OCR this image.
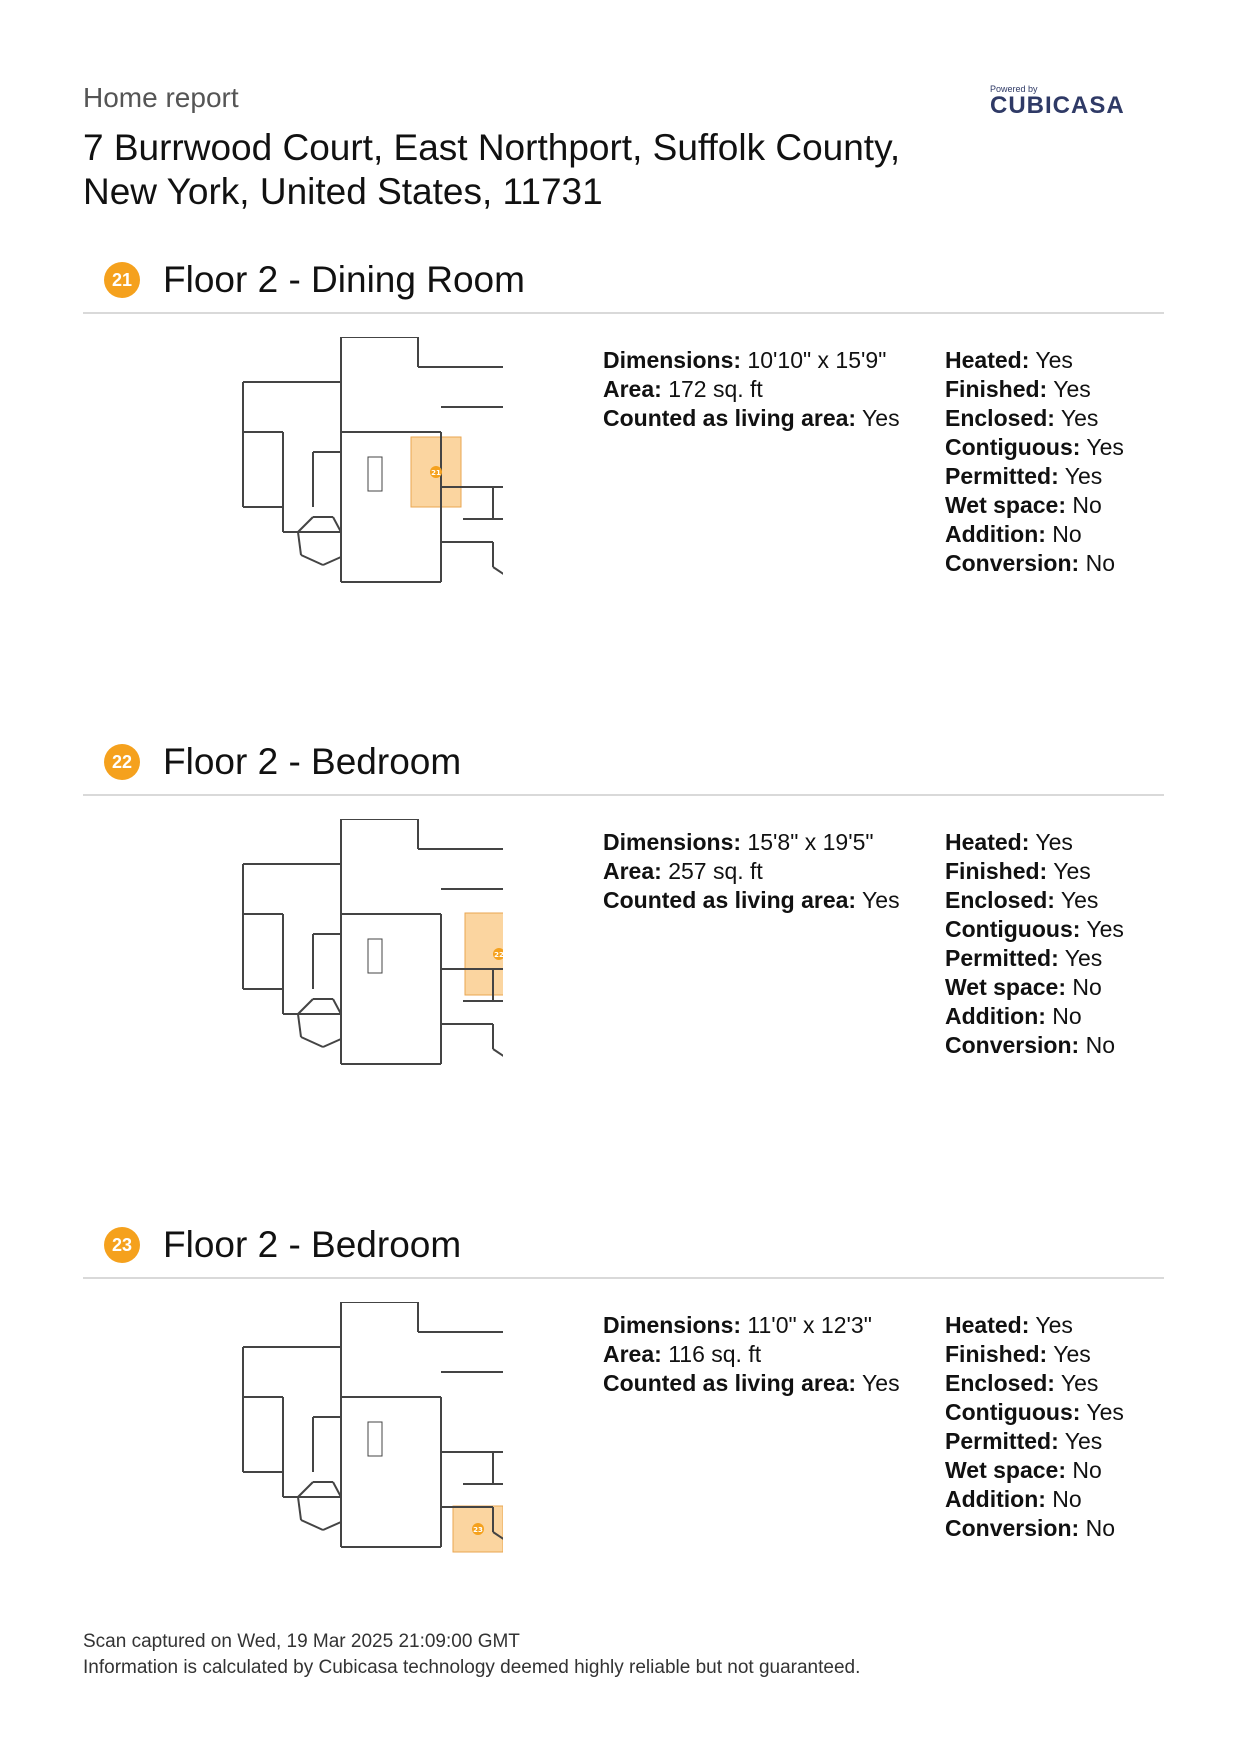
Home report
7 Burrwood Court, East Northport, Suffolk County,
New York, United States, 11731
Powered by
CUBICASA
21 Floor 2 - Dining Room
21
Dimensions: 10'10" x 15'9"
Area: 172 sq. ft
Counted as living area: Yes
Heated: Yes
Finished: Yes
Enclosed: Yes
Contiguous: Yes
Permitted: Yes
Wet space: No
Addition: No
Conversion: No
22 Floor 2 - Bedroom
22
Dimensions: 15'8" x 19'5"
Area: 257 sq. ft
Counted as living area: Yes
Heated: Yes
Finished: Yes
Enclosed: Yes
Contiguous: Yes
Permitted: Yes
Wet space: No
Addition: No
Conversion: No
23 Floor 2 - Bedroom
23
Dimensions: 11'0" x 12'3"
Area: 116 sq. ft
Counted as living area: Yes
Heated: Yes
Finished: Yes
Enclosed: Yes
Contiguous: Yes
Permitted: Yes
Wet space: No
Addition: No
Conversion: No
Scan captured on Wed, 19 Mar 2025 21:09:00 GMT
Information is calculated by Cubicasa technology deemed highly reliable but not guaranteed.
